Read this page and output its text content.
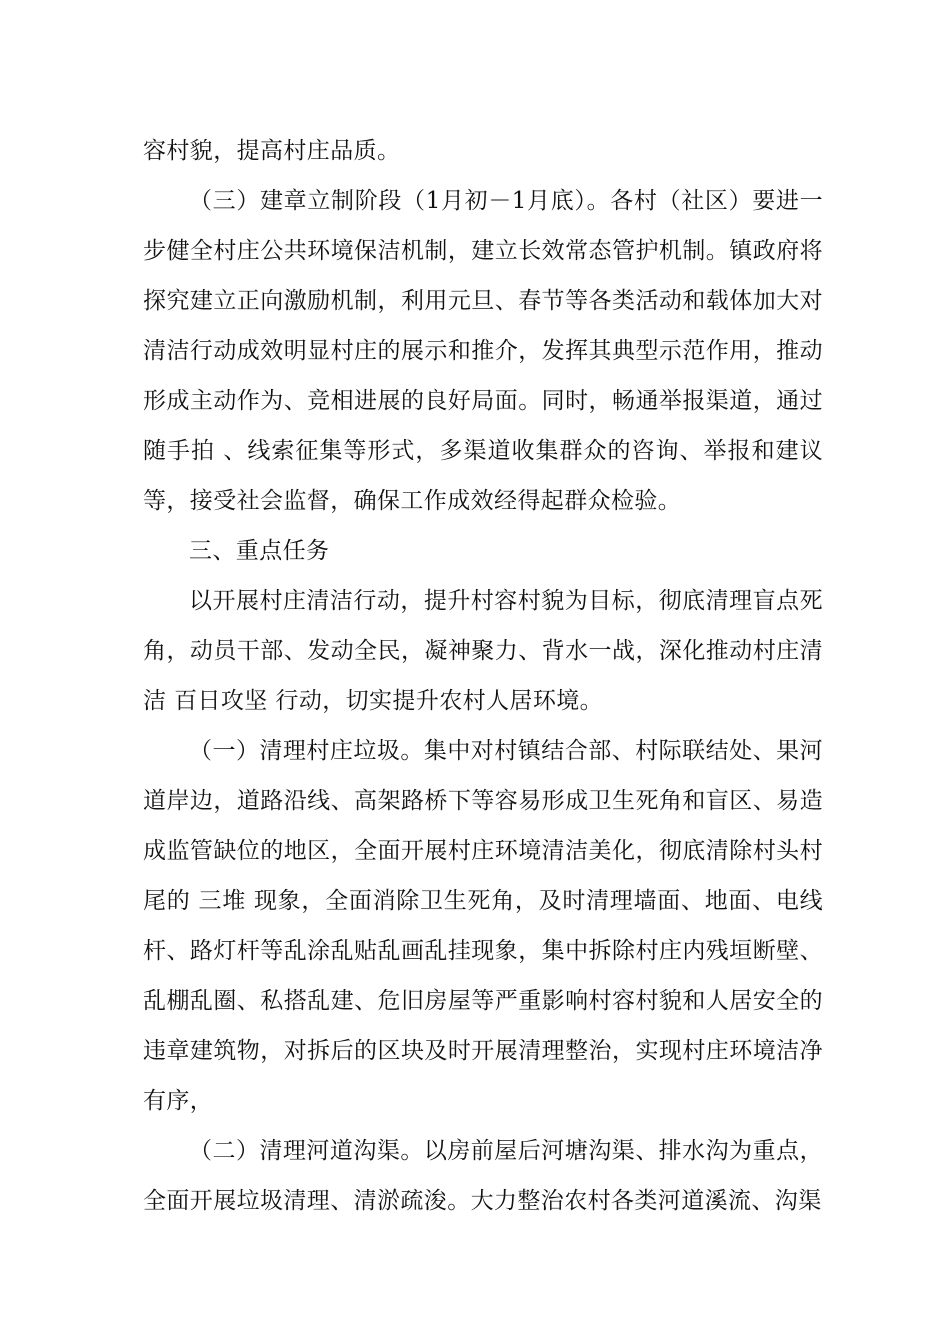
容村貌，提高村庄品质。

（三）建章立制阶段（1月初－1月底）。各村（社区）要进一步健全村庄公共环境保洁机制，建立长效常态管护机制。镇政府将探究建立正向激励机制，利用元旦、春节等各类活动和载体加大对清洁行动成效明显村庄的展示和推介，发挥其典型示范作用，推动形成主动作为、竞相进展的良好局面。同时，畅通举报渠道，通过随手拍 、线索征集等形式，多渠道收集群众的咨询、举报和建议等，接受社会监督，确保工作成效经得起群众检验。

三、重点任务

以开展村庄清洁行动，提升村容村貌为目标，彻底清理盲点死角，动员干部、发动全民，凝神聚力、背水一战，深化推动村庄清洁 百日攻坚 行动，切实提升农村人居环境。

（一）清理村庄垃圾。集中对村镇结合部、村际联结处、果河道岸边，道路沿线、高架路桥下等容易形成卫生死角和盲区、易造成监管缺位的地区，全面开展村庄环境清洁美化，彻底清除村头村尾的 三堆 现象，全面消除卫生死角，及时清理墙面、地面、电线杆、路灯杆等乱涂乱贴乱画乱挂现象，集中拆除村庄内残垣断壁、乱棚乱圈、私搭乱建、危旧房屋等严重影响村容村貌和人居安全的违章建筑物，对拆后的区块及时开展清理整治，实现村庄环境洁净有序，

（二）清理河道沟渠。以房前屋后河塘沟渠、排水沟为重点，全面开展垃圾清理、清淤疏浚。大力整治农村各类河道溪流、沟渠
